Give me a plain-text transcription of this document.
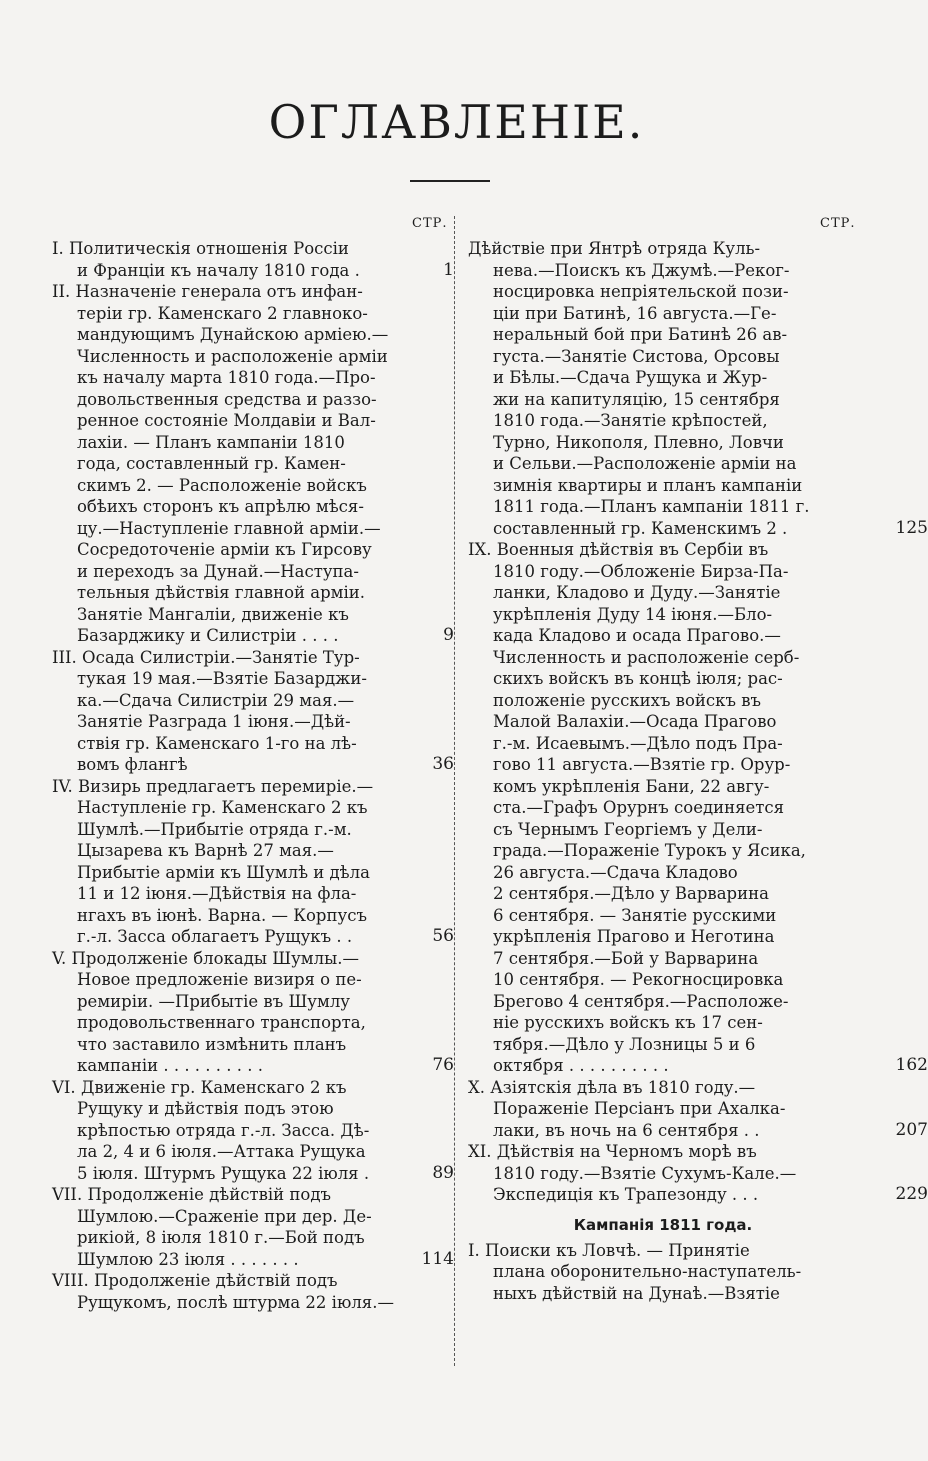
ОГЛАВЛЕНІЕ.
СТР.	СТР.
I. Политическія отношенія Россіи
и Франціи къ началу 1810 года .	1
II. Назначеніе генерала отъ инфан-
теріи гр. Каменскаго 2 главноко-
мандующимъ Дунайскою арміею.—
Численность и расположеніе арміи
къ началу марта 1810 года.—Про-
довольственныя средства и раззо-
ренное состояніе Молдавіи и Вал-
лахіи. — Планъ кампаніи 1810
года, составленный гр. Камен-
скимъ 2. — Расположеніе войскъ
обѣихъ сторонъ къ апрѣлю мѣся-
цу.—Наступленіе главной арміи.—
Сосредоточеніе арміи къ Гирсову
и переходъ за Дунай.—Наступа-
тельныя дѣйствія главной арміи.
Занятіе Мангаліи, движеніе къ
Базарджику и Силистріи . . . .	9
III. Осада Силистріи.—Занятіе Тур-
тукая 19 мая.—Взятіе Базарджи-
ка.—Сдача Силистріи 29 мая.—
Занятіе Разграда 1 іюня.—Дѣй-
ствія гр. Каменскаго 1-го на лѣ-
вомъ флангѣ	36
IV. Визирь предлагаетъ перемиріе.—
Наступленіе гр. Каменскаго 2 къ
Шумлѣ.—Прибытіе отряда г.-м.
Цызарева къ Варнѣ 27 мая.—
Прибытіе арміи къ Шумлѣ и дѣла
11 и 12 іюня.—Дѣйствія на фла-
нгахъ въ іюнѣ. Варна. — Корпусъ
г.-л. Засса облагаетъ Рущукъ . .	56
V. Продолженіе блокады Шумлы.—
Новое предложеніе визиря о пе-
ремиріи. —Прибытіе въ Шумлу
продовольственнаго транспорта,
что заставило измѣнить планъ
кампаніи . . . . . . . . . .	76
VI. Движеніе гр. Каменскаго 2 къ
Рущуку и дѣйствія подъ этою
крѣпостью отряда г.-л. Засса. Дѣ-
ла 2, 4 и 6 іюля.—Аттака Рущука
5 іюля. Штурмъ Рущука 22 іюля .	89
VII. Продолженіе дѣйствій подъ
Шумлою.—Сраженіе при дер. Де-
рикіой, 8 іюля 1810 г.—Бой подъ
Шумлою 23 іюля . . . . . . .	114
VIII. Продолженіе дѣйствій подъ
Рущукомъ, послѣ штурма 22 іюля.—
Дѣйствіе при Янтрѣ отряда Куль-
нева.—Поискъ къ Джумѣ.—Реког-
носцировка непріятельской пози-
ціи при Батинѣ, 16 августа.—Ге-
неральный бой при Батинѣ 26 ав-
густа.—Занятіе Систова, Орсовы
и Бѣлы.—Сдача Рущука и Жур-
жи на капитуляцію, 15 сентября
1810 года.—Занятіе крѣпостей,
Турно, Никополя, Плевно, Ловчи
и Сельви.—Расположеніе арміи на
зимнія квартиры и планъ кампаніи
1811 года.—Планъ кампаніи 1811 г.
составленный гр. Каменскимъ 2 .	125
IX. Военныя дѣйствія въ Сербіи въ
1810 году.—Обложеніе Бирза-Па-
ланки, Кладово и Дуду.—Занятіе
укрѣпленія Дуду 14 іюня.—Бло-
када Кладово и осада Прагово.—
Численность и расположеніе серб-
скихъ войскъ въ концѣ іюля; рас-
положеніе русскихъ войскъ въ
Малой Валахіи.—Осада Прагово
г.-м. Исаевымъ.—Дѣло подъ Пра-
гово 11 августа.—Взятіе гр. Орур-
комъ укрѣпленія Бани, 22 авгу-
ста.—Графъ Орурнъ соединяется
съ Чернымъ Георгіемъ у Дели-
града.—Пораженіе Турокъ у Ясика,
26 августа.—Сдача Кладово
2 сентября.—Дѣло у Варварина
6 сентября. — Занятіе русскими
укрѣпленія Прагово и Неготина
7 сентября.—Бой у Варварина
10 сентября. — Рекогносцировка
Брегово 4 сентября.—Расположе-
ніе русскихъ войскъ къ 17 сен-
тября.—Дѣло у Лозницы 5 и 6
октября . . . . . . . . . .	162
X. Азіятскія дѣла въ 1810 году.—
Пораженіе Персіанъ при Ахалка-
лаки, въ ночь на 6 сентября . .	207
XI. Дѣйствія на Черномъ морѣ въ
1810 году.—Взятіе Сухумъ-Кале.—
Экспедиція къ Трапезонду . . .	229
Кампанія 1811 года.
I. Поиски къ Ловчѣ. — Принятіе
плана оборонительно-наступатель-
ныхъ дѣйствій на Дунаѣ.—Взятіе
